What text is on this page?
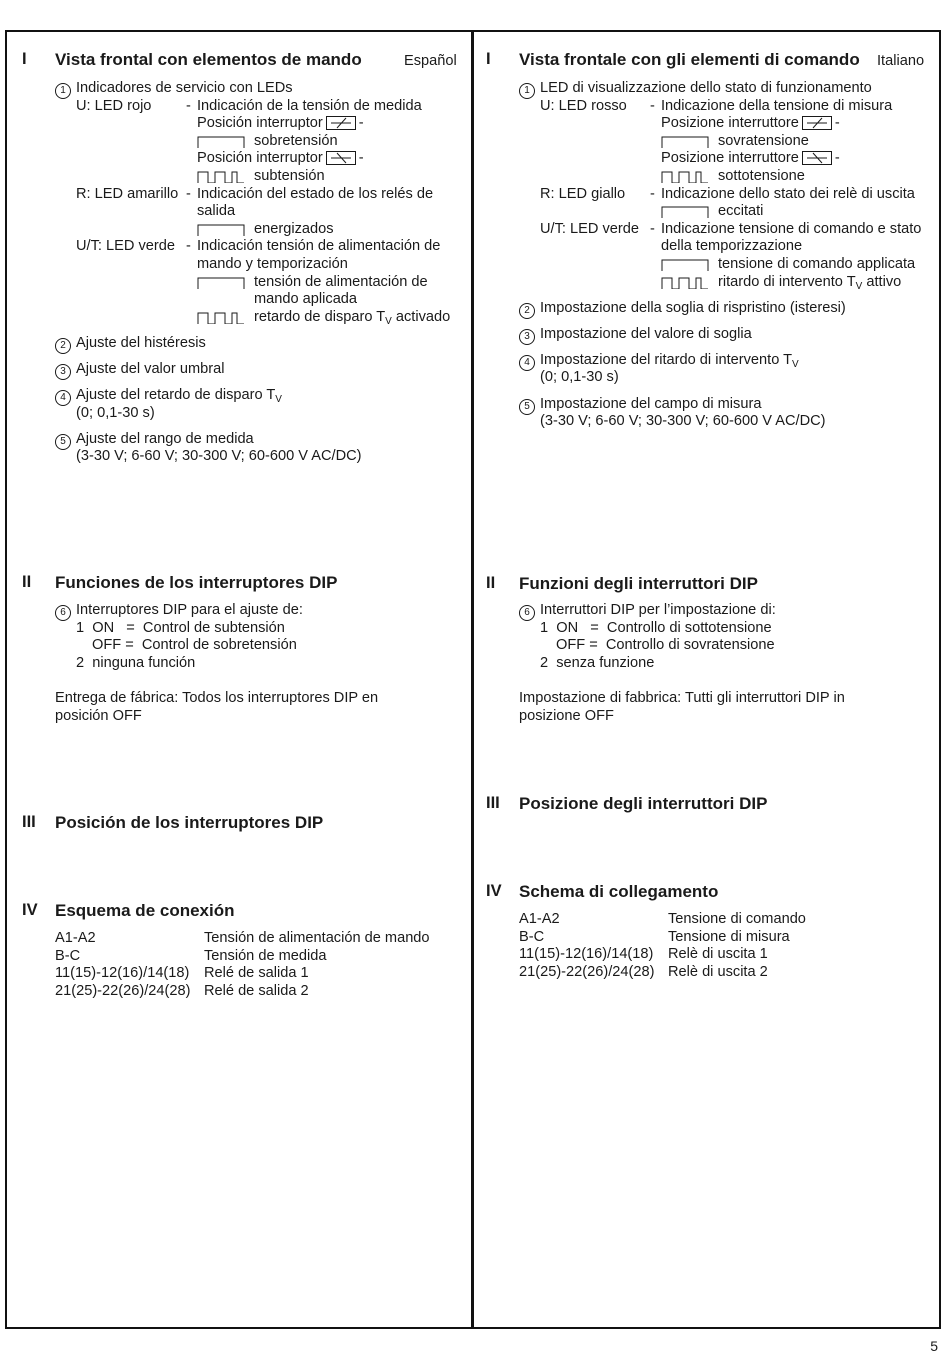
I Vista frontal con elementos de mando	Español
1 Indicadores de servicio con LEDs
U: LED rojo - Indicación de la tensión de medida
Posición interruptor -
sobretensión
Posición interruptor -
subtensión
R: LED amarillo - Indicación del estado de los relés de
salida
energizados
U/T: LED verde - Indicación tensión de alimentación de
mando y temporización
tensión de alimentación de
mando aplicada
retardo de disparo $T_V$ activado
2 Ajuste del histéresis
3 Ajuste del valor umbral
4 Ajuste del retardo de disparo $T_V$
(0; 0,1-30 s)
5 Ajuste del rango de medida
(3-30 V; 6-60 V; 30-300 V; 60-600 V AC/DC)
II Funciones de los interruptores DIP
6 Interruptores DIP para el ajuste de:
1  ON   =  Control de subtensión
OFF =  Control de sobretensión
2  ninguna función
Entrega de fábrica: Todos los interruptores DIP en
posición OFF
III Posición de los interruptores DIP
IV Esquema de conexión
A1-A2	Tensión de alimentación de mando
B-C	Tensión de medida
11(15)-12(16)/14(18) Relé de salida 1
21(25)-22(26)/24(28) Relé de salida 2
I Vista frontale con gli elementi di comando Italiano
1 LED di visualizzazione dello stato di funzionamento
U: LED rosso - Indicazione della tensione di misura
Posizione interruttore -
sovratensione
Posizione interruttore -
sottotensione
R: LED giallo - Indicazione dello stato dei relè di uscita
eccitati
U/T: LED verde - Indicazione tensione di comando e stato
della temporizzazione
tensione di comando applicata
ritardo di intervento $T_V$ attivo
2 Impostazione della soglia di rispristino (isteresi)
3 Impostazione del valore di soglia
4 Impostazione del ritardo di intervento $T_V$
(0; 0,1-30 s)
5 Impostazione del campo di misura
(3-30 V; 6-60 V; 30-300 V; 60-600 V AC/DC)
II Funzioni degli interruttori DIP
6 Interruttori DIP per l’impostazione di:
1  ON   =  Controllo di sottotensione
OFF =  Controllo di sovratensione
2  senza funzione
Impostazione di fabbrica: Tutti gli interruttori DIP in
posizione OFF
III Posizione degli interruttori DIP
IV Schema di collegamento
A1-A2	Tensione di comando
B-C	Tensione di misura
11(15)-12(16)/14(18) Relè di uscita 1
21(25)-22(26)/24(28) Relè di uscita 2
5
